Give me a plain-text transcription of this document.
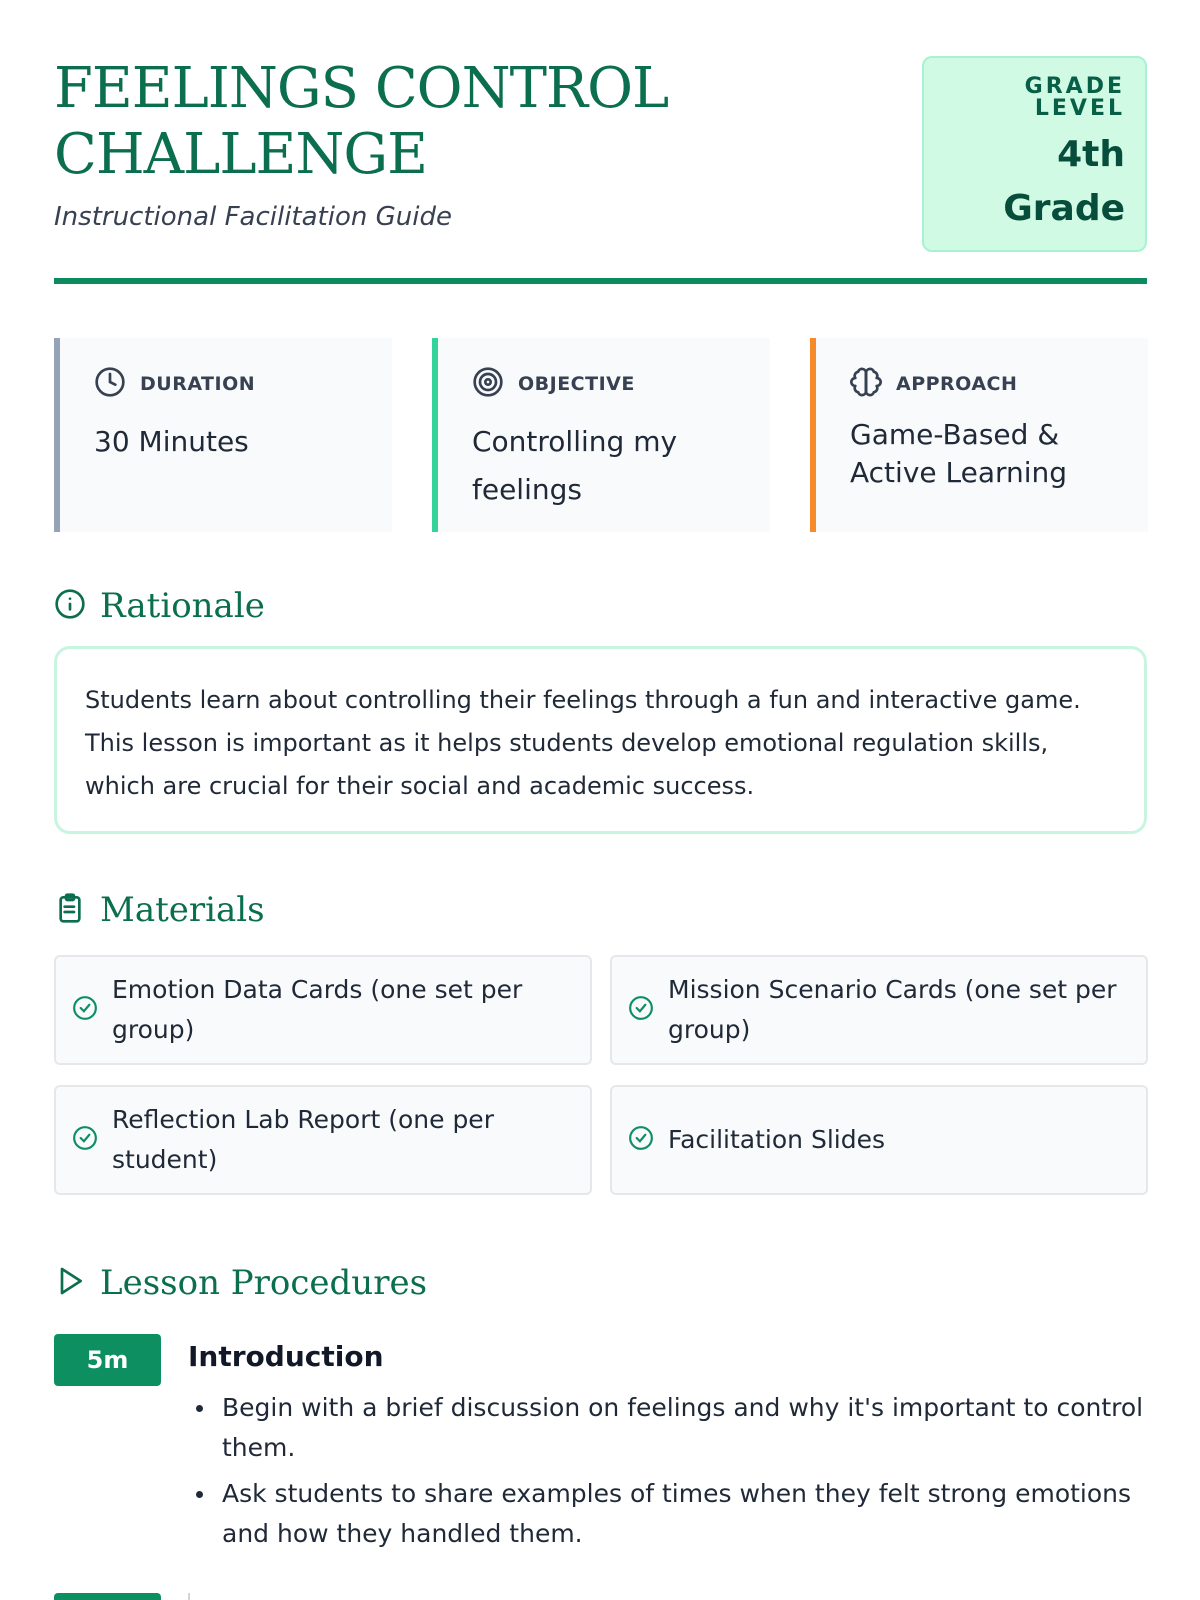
FEELINGS CONTROL CHALLENGE
Instructional Facilitation Guide
GRADE LEVEL
4th Grade
DURATION
30 Minutes
OBJECTIVE
Controlling my feelings
APPROACH
Game-Based & Active Learning
Rationale

Students learn about controlling their feelings through a fun and interactive game. This lesson is important as it helps students develop emotional regulation skills, which are crucial for their social and academic success.

Materials
Emotion Data Cards (one set per group)
Mission Scenario Cards (one set per group)
Reflection Lab Report (one per student)
Facilitation Slides
Lesson Procedures
5m	Introduction
Begin with a brief discussion on feelings and why it's important to control them.
Ask students to share examples of times when they felt strong emotions and how they handled them.
